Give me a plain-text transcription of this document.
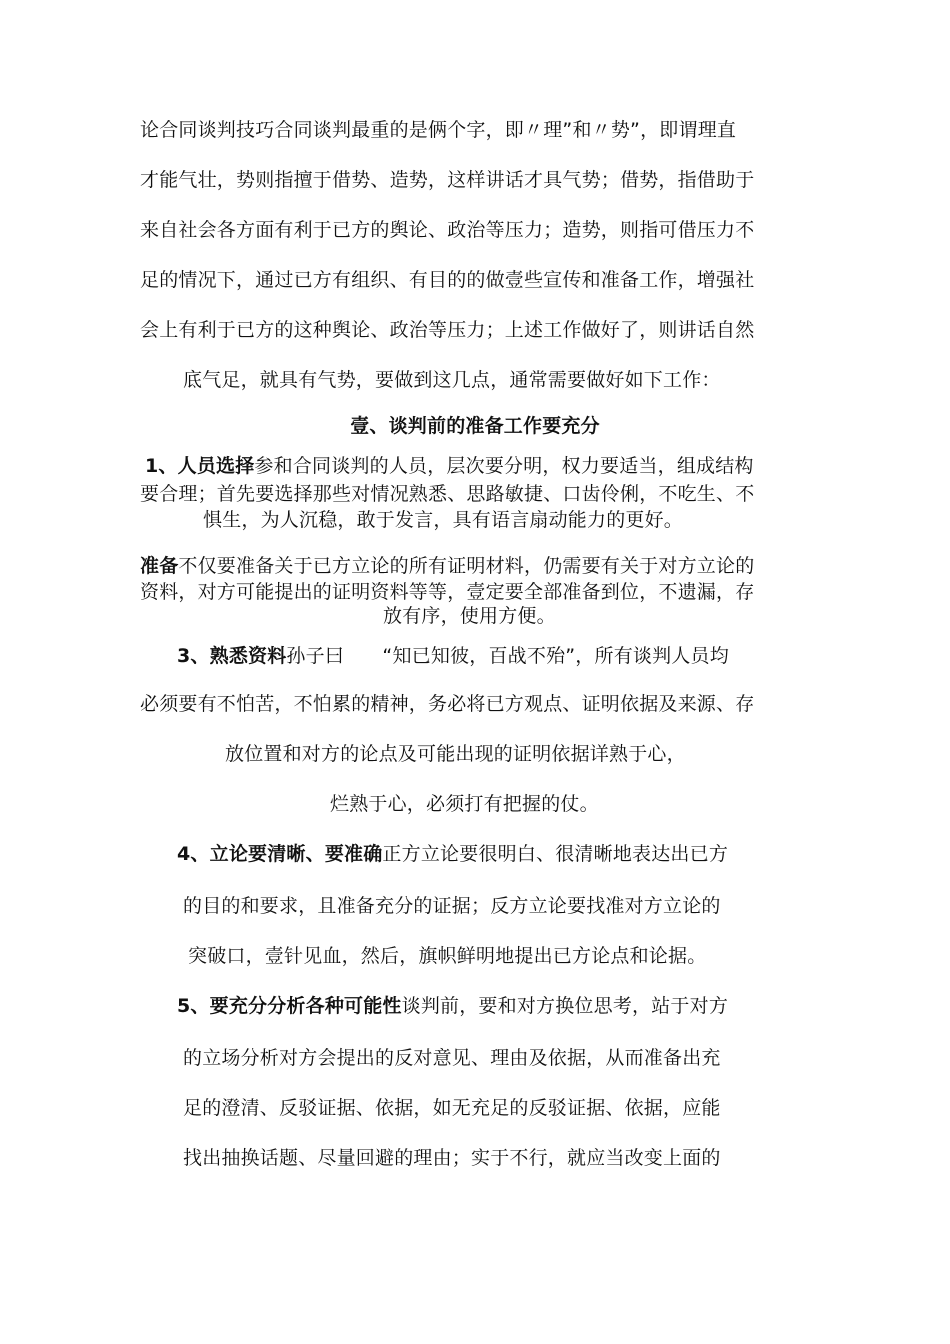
论合同谈判技巧合同谈判最重的是俩个字，即〃理”和〃势”，即谓理直
才能气壮，势则指擅于借势、造势，这样讲话才具气势；借势，指借助于
来自社会各方面有利于已方的舆论、政治等压力；造势，则指可借压力不
足的情况下，通过已方有组织、有目的的做壹些宣传和准备工作，增强社
会上有利于已方的这种舆论、政治等压力；上述工作做好了，则讲话自然
底气足，就具有气势，要做到这几点，通常需要做好如下工作：
壹、谈判前的准备工作要充分
1、人员选择参和合同谈判的人员，层次要分明，权力要适当，组成结构
要合理；首先要选择那些对情况熟悉、思路敏捷、口齿伶俐，不吃生、不
惧生，为人沉稳，敢于发言，具有语言扇动能力的更好。
准备不仅要准备关于已方立论的所有证明材料，仍需要有关于对方立论的
资料，对方可能提出的证明资料等等，壹定要全部准备到位，不遗漏，存
放有序，使用方便。
3、熟悉资料孙子曰　　“知已知彼，百战不殆”，所有谈判人员均
必须要有不怕苦，不怕累的精神，务必将已方观点、证明依据及来源、存
放位置和对方的论点及可能出现的证明依据详熟于心，
烂熟于心，必须打有把握的仗。
4、立论要清晰、要准确正方立论要很明白、很清晰地表达出已方
的目的和要求，且准备充分的证据；反方立论要找准对方立论的
突破口，壹针见血，然后，旗帜鲜明地提出已方论点和论据。
5、要充分分析各种可能性谈判前，要和对方换位思考，站于对方
的立场分析对方会提出的反对意见、理由及依据，从而准备出充
足的澄清、反驳证据、依据，如无充足的反驳证据、依据，应能
找出抽换话题、尽量回避的理由；实于不行，就应当改变上面的
